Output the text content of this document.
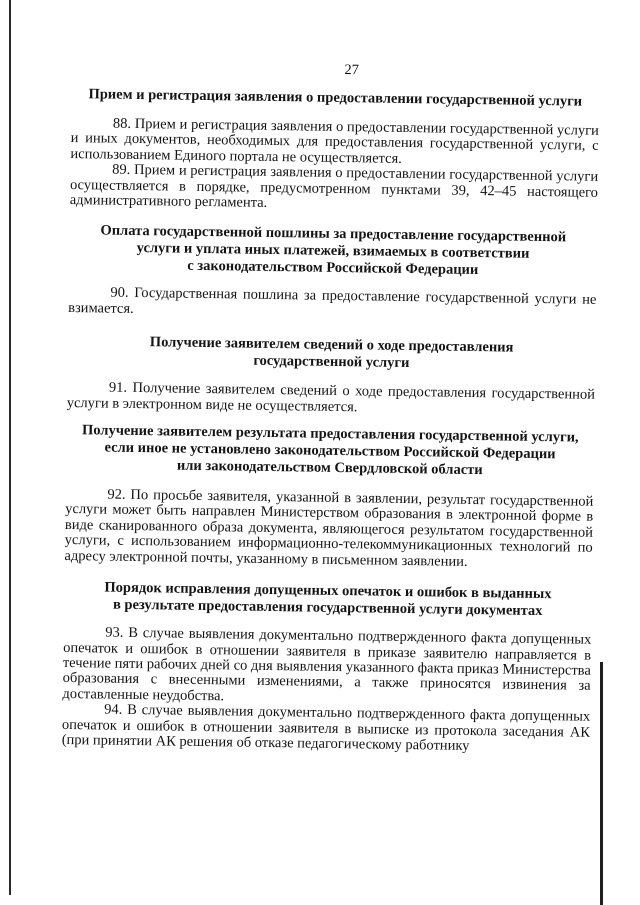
27
Прием и регистрация заявления о предоставлении государственной услуги

88. Прием и регистрация заявления о предоставлении государственной услуги и иных документов, необходимых для предоставления государственной услуги, с использованием Единого портала не осуществляется.

89. Прием и регистрация заявления о предоставлении государственной услуги осуществляется в порядке, предусмотренном пунктами 39, 42–45 настоящего административного регламента.

Оплата государственной пошлины за предоставление государственной
услуги и уплата иных платежей, взимаемых в соответствии
с законодательством Российской Федерации

90. Государственная пошлина за предоставление государственной услуги не взимается.

Получение заявителем сведений о ходе предоставления
государственной услуги

91. Получение заявителем сведений о ходе предоставления государственной услуги в электронном виде не осуществляется.

Получение заявителем результата предоставления государственной услуги,
если иное не установлено законодательством Российской Федерации
или законодательством Свердловской области

92. По просьбе заявителя, указанной в заявлении, результат государственной услуги может быть направлен Министерством образования в электронной форме в виде сканированного образа документа, являющегося результатом государственной услуги, с использованием информационно-телекоммуникационных технологий по адресу электронной почты, указанному в письменном заявлении.

Порядок исправления допущенных опечаток и ошибок в выданных
в результате предоставления государственной услуги документах

93. В случае выявления документально подтвержденного факта допущенных опечаток и ошибок в отношении заявителя в приказе заявителю направляется в течение пяти рабочих дней со дня выявления указанного факта приказ Министерства образования с внесенными изменениями, а также приносятся извинения за доставленные неудобства.

94. В случае выявления документально подтвержденного факта допущенных опечаток и ошибок в отношении заявителя в выписке из протокола заседания АК (при принятии АК решения об отказе педагогическому работнику
